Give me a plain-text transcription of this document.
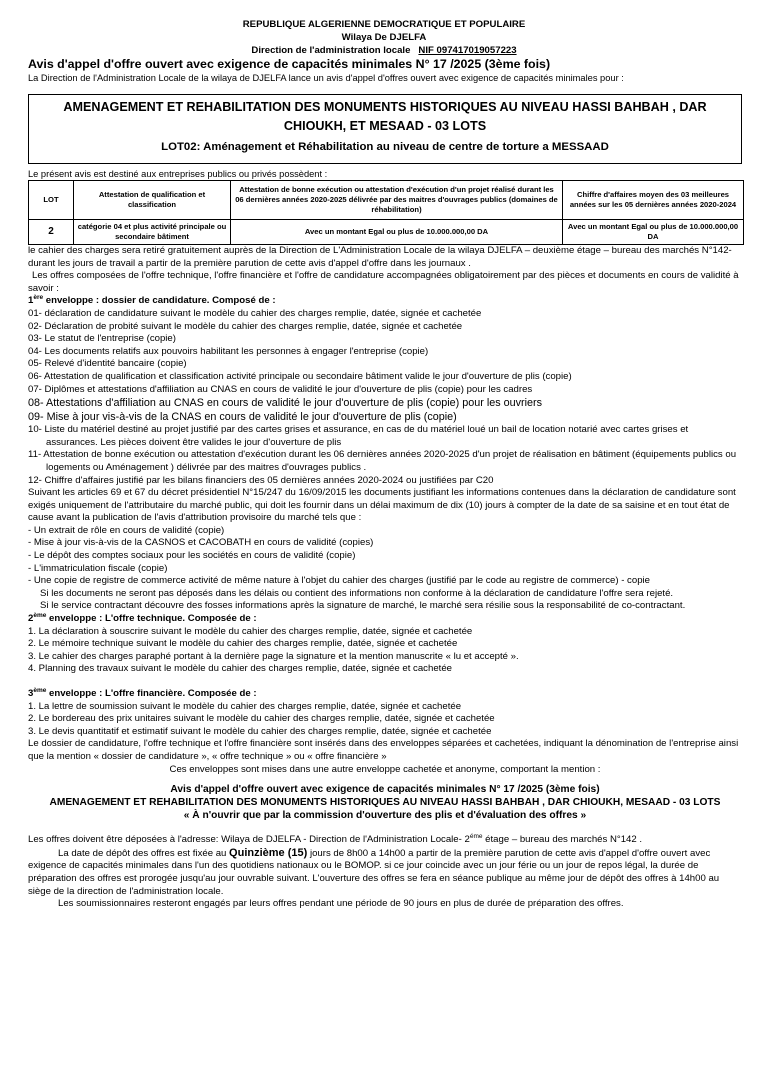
REPUBLIQUE ALGERIENNE DEMOCRATIQUE ET POPULAIRE
Wilaya De DJELFA
Direction de l'administration locale NIF 097417019057223
Avis d'appel d'offre ouvert avec exigence de capacités minimales N° 17 /2025 (3ème fois)
La Direction de l'Administration Locale de la wilaya de DJELFA lance un avis d'appel d'offres ouvert avec exigence de capacités minimales pour :
AMENAGEMENT ET REHABILITATION DES MONUMENTS HISTORIQUES AU NIVEAU HASSI BAHBAH , DAR CHIOUKH, ET MESAAD - 03 LOTS
LOT02: Aménagement et Réhabilitation au niveau de centre de torture a MESSAAD
Le présent avis est destiné aux entreprises publics ou privés possèdent :
LOT	Attestation de qualification et classification	Attestation de bonne exécution ou attestation d'exécution d'un projet réalisé durant les 06 dernières années 2020-2025 délivrée par des maitres d'ouvrages publics (domaines de réhabilitation)	Chiffre d'affaires moyen des 03 meilleures années sur les 05 dernières années 2020-2024
2	catégorie 04 et plus activité principale ou secondaire bâtiment	Avec un montant Egal ou plus de 10.000.000,00 DA	Avec un montant Egal ou plus de 10.000.000,00 DA

le cahier des charges sera retiré gratuitement auprès de la Direction de L'Administration Locale de la wilaya DJELFA – deuxième étage – bureau des marchés N°142- durant les jours de travail a partir de la première parution de cette avis d'appel d'offre dans les journaux .

Les offres composées de l'offre technique, l'offre financière et l'offre de candidature accompagnées obligatoirement par des pièces et documents en cours de validité à savoir :

1ère enveloppe : dossier de candidature. Composé de :

01- déclaration de candidature suivant le modèle du cahier des charges remplie, datée, signée et cachetée

02- Déclaration de probité suivant le modèle du cahier des charges remplie, datée, signée et cachetée

03- Le statut de l'entreprise (copie)

04- Les documents relatifs aux pouvoirs habilitant les personnes à engager l'entreprise (copie)

05- Relevé d'identité bancaire (copie)

06- Attestation de qualification et classification activité principale ou secondaire bâtiment valide le jour d'ouverture de plis (copie)

07- Diplômes et attestations d'affiliation au CNAS en cours de validité le jour d'ouverture de plis (copie) pour les cadres

08- Attestations d'affiliation au CNAS en cours de validité le jour d'ouverture de plis (copie) pour les ouvriers

09- Mise à jour vis-à-vis de la CNAS en cours de validité le jour d'ouverture de plis (copie)

10- Liste du matériel destiné au projet justifié par des cartes grises et assurance, en cas de du matériel loué un bail de location notarié avec cartes grises et assurances. Les pièces doivent être valides le jour d'ouverture de plis

11- Attestation de bonne exécution ou attestation d'exécution durant les 06 dernières années 2020-2025 d'un projet de réalisation en bâtiment (équipements publics ou logements ou Aménagement ) délivrée par des maitres d'ouvrages publics .

12- Chiffre d'affaires justifié par les bilans financiers des 05 dernières années 2020-2024 ou justifiées par C20

Suivant les articles 69 et 67 du décret présidentiel N°15/247 du 16/09/2015 les documents justifiant les informations contenues dans la déclaration de candidature sont exigés uniquement de l'attributaire du marché public, qui doit les fournir dans un délai maximum de dix (10) jours à compter de la date de sa saisine et en tout état de cause avant la publication de l'avis d'attribution provisoire du marché tels que :

- Un extrait de rôle en cours de validité (copie)

- Mise à jour vis-à-vis de la CASNOS et CACOBATH en cours de validité (copies)

- Le dépôt des comptes sociaux pour les sociétés en cours de validité (copie)

- L'immatriculation fiscale (copie)

- Une copie de registre de commerce activité de même nature à l'objet du cahier des charges (justifié par le code au registre de commerce) - copie

Si les documents ne seront pas déposés dans les délais ou contient des informations non conforme à la déclaration de candidature l'offre sera rejeté.

Si le service contractant découvre des fosses informations après la signature de marché, le marché sera résilie sous la responsabilité de co-contractant.

2ème enveloppe : L'offre technique. Composée de :

1. La déclaration à souscrire suivant le modèle du cahier des charges remplie, datée, signée et cachetée

2. Le mémoire technique suivant le modèle du cahier des charges remplie, datée, signée et cachetée

3. Le cahier des charges paraphé portant à la dernière page la signature et la mention manuscrite « lu et accepté ».

4. Planning des travaux suivant le modèle du cahier des charges remplie, datée, signée et cachetée

3ème enveloppe : L'offre financière. Composée de :

1. La lettre de soumission suivant le modèle du cahier des charges remplie, datée, signée et cachetée

2. Le bordereau des prix unitaires suivant le modèle du cahier des charges remplie, datée, signée et cachetée

3. Le devis quantitatif et estimatif suivant le modèle du cahier des charges remplie, datée, signée et cachetée

Le dossier de candidature, l'offre technique et l'offre financière sont insérés dans des enveloppes séparées et cachetées, indiquant la dénomination de l'entreprise ainsi que la mention « dossier de candidature », « offre technique » ou « offre financière »

Ces enveloppes sont mises dans une autre enveloppe cachetée et anonyme, comportant la mention :

Avis d'appel d'offre ouvert avec exigence de capacités minimales N° 17 /2025 (3ème fois)
AMENAGEMENT ET REHABILITATION DES MONUMENTS HISTORIQUES AU NIVEAU HASSI BAHBAH , DAR CHIOUKH, MESAAD - 03 LOTS
« À n'ouvrir que par la commission d'ouverture des plis et d'évaluation des offres »

Les offres doivent être déposées à l'adresse: Wilaya de DJELFA - Direction de l'Administration Locale- $2^{éme}$ étage – bureau des marchés N°142 .

La date de dépôt des offres est fixée au Quinzième (15) jours de 8h00 a 14h00 a partir de la première parution de cette avis d'appel d'offre ouvert avec exigence de capacités minimales dans l'un des quotidiens nationaux ou le BOMOP. si ce jour coincide avec un jour férie ou un jour de repos légal, la durée de préparation des offres est prorogée jusqu'au jour ouvrable suivant. L'ouverture des offres se fera en séance publique au même jour de dépôt des offres à 14h00 au siège de la direction de l'administration locale.

Les soumissionnaires resteront engagés par leurs offres pendant une période de 90 jours en plus de durée de préparation des offres.
